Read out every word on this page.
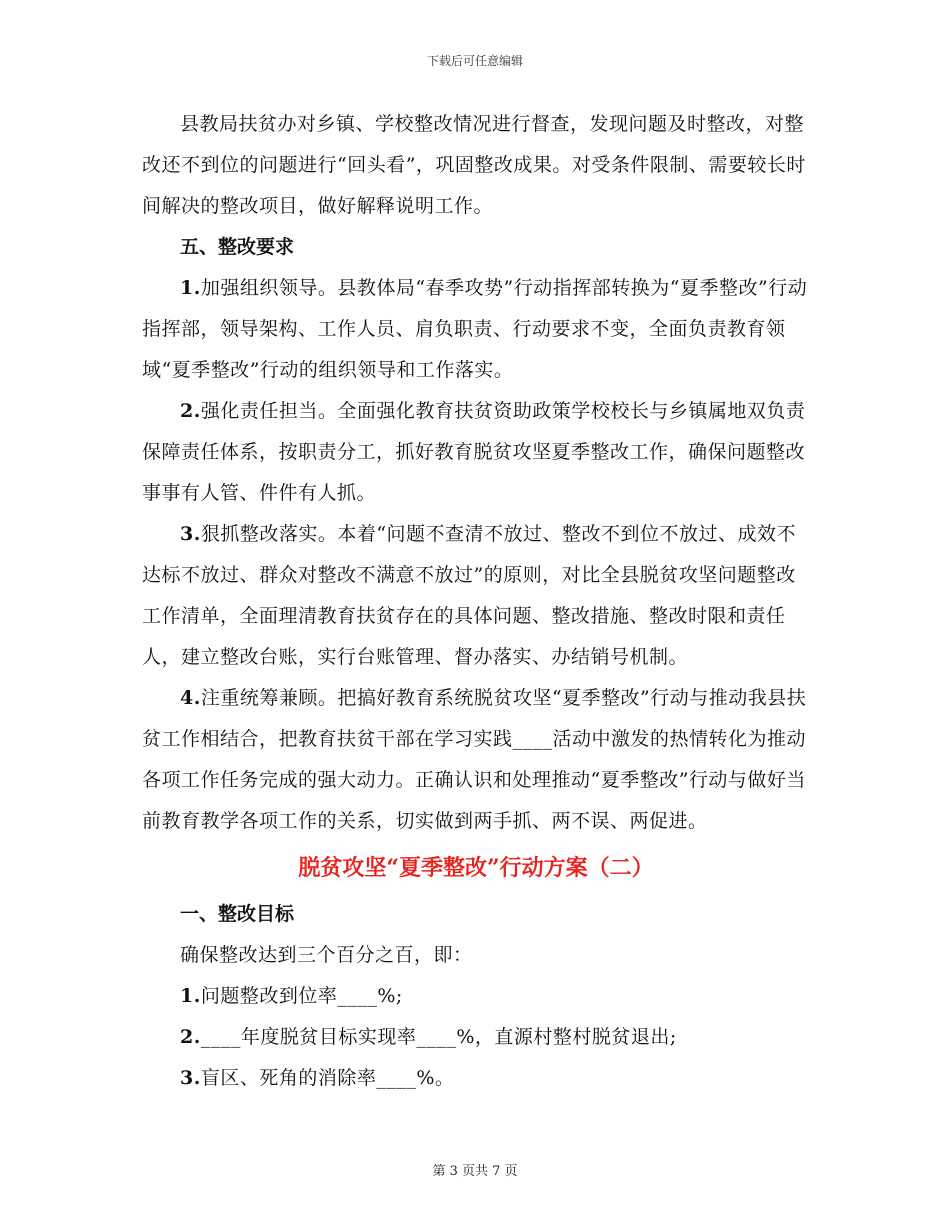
下载后可任意编辑

县教局扶贫办对乡镇、学校整改情况进行督查，发现问题及时整改，对整改还不到位的问题进行“回头看”，巩固整改成果。对受条件限制、需要较长时间解决的整改项目，做好解释说明工作。

五、整改要求

1.加强组织领导。县教体局“春季攻势”行动指挥部转换为“夏季整改”行动指挥部，领导架构、工作人员、肩负职责、行动要求不变，全面负责教育领域“夏季整改”行动的组织领导和工作落实。

2.强化责任担当。全面强化教育扶贫资助政策学校校长与乡镇属地双负责保障责任体系，按职责分工，抓好教育脱贫攻坚夏季整改工作，确保问题整改事事有人管、件件有人抓。

3.狠抓整改落实。本着“问题不查清不放过、整改不到位不放过、成效不达标不放过、群众对整改不满意不放过”的原则，对比全县脱贫攻坚问题整改工作清单，全面理清教育扶贫存在的具体问题、整改措施、整改时限和责任人，建立整改台账，实行台账管理、督办落实、办结销号机制。

4.注重统筹兼顾。把搞好教育系统脱贫攻坚“夏季整改”行动与推动我县扶贫工作相结合，把教育扶贫干部在学习实践____活动中激发的热情转化为推动各项工作任务完成的强大动力。正确认识和处理推动“夏季整改”行动与做好当前教育教学各项工作的关系，切实做到两手抓、两不误、两促进。

脱贫攻坚“夏季整改”行动方案（二）

一、整改目标

确保整改达到三个百分之百，即：

1.问题整改到位率____%;

2.____年度脱贫目标实现率____%，直源村整村脱贫退出;

3.盲区、死角的消除率____%。

第 3 页共 7 页
